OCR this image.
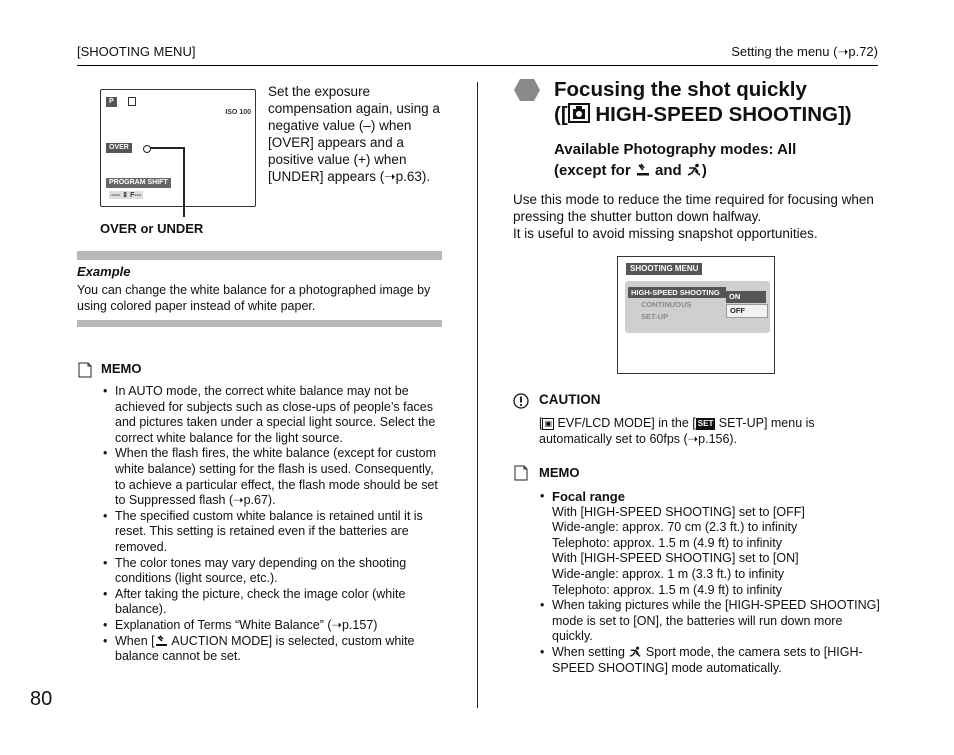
[SHOOTING MENU]	Setting the menu (➝p.72)
P
ISO 100
OVER
PROGRAM SHIFT
---- ⇕ F---
OVER or UNDER
Set the exposure compensation again, using a negative value (–) when [OVER] appears and a positive value (+) when [UNDER] appears (➝p.63).
Example
You can change the white balance for a photographed image by using colored paper instead of white paper.
MEMO
• In AUTO mode, the correct white balance may not be achieved for subjects such as close-ups of people’s faces and pictures taken under a special light source. Select the correct white balance for the light source.
• When the flash fires, the white balance (except for custom white balance) setting for the flash is used. Consequently, to achieve a particular effect, the flash mode should be set to Suppressed flash (➝p.67).
• The specified custom white balance is retained until it is reset. This setting is retained even if the batteries are removed.
• The color tones may vary depending on the shooting conditions (light source, etc.).
• After taking the picture, check the image color (white balance).
• Explanation of Terms “White Balance” (➝p.157)
• When [ AUCTION MODE] is selected, custom white balance cannot be set.
80
Focusing the shot quickly
([ HIGH-SPEED SHOOTING])
Available Photography modes: All
(except for and )
Use this mode to reduce the time required for focusing when pressing the shutter button down halfway.
It is useful to avoid missing snapshot opportunities.
SHOOTING MENU
HIGH-SPEED SHOOTING
CONTINUOUS
SET-UP
ON
OFF
CAUTION
[ ▣ EVF/LCD MODE] in the [ SET SET-UP] menu is automatically set to 60fps (➝p.156).
MEMO
• Focal range
With [HIGH-SPEED SHOOTING] set to [OFF]
Wide-angle: approx. 70 cm (2.3 ft.) to infinity
Telephoto: approx. 1.5 m (4.9 ft) to infinity
With [HIGH-SPEED SHOOTING] set to [ON]
Wide-angle: approx. 1 m (3.3 ft.) to infinity
Telephoto: approx. 1.5 m (4.9 ft) to infinity
• When taking pictures while the [HIGH-SPEED SHOOTING] mode is set to [ON], the batteries will run down more quickly.
• When setting  Sport mode, the camera sets to [HIGH-SPEED SHOOTING] mode automatically.
